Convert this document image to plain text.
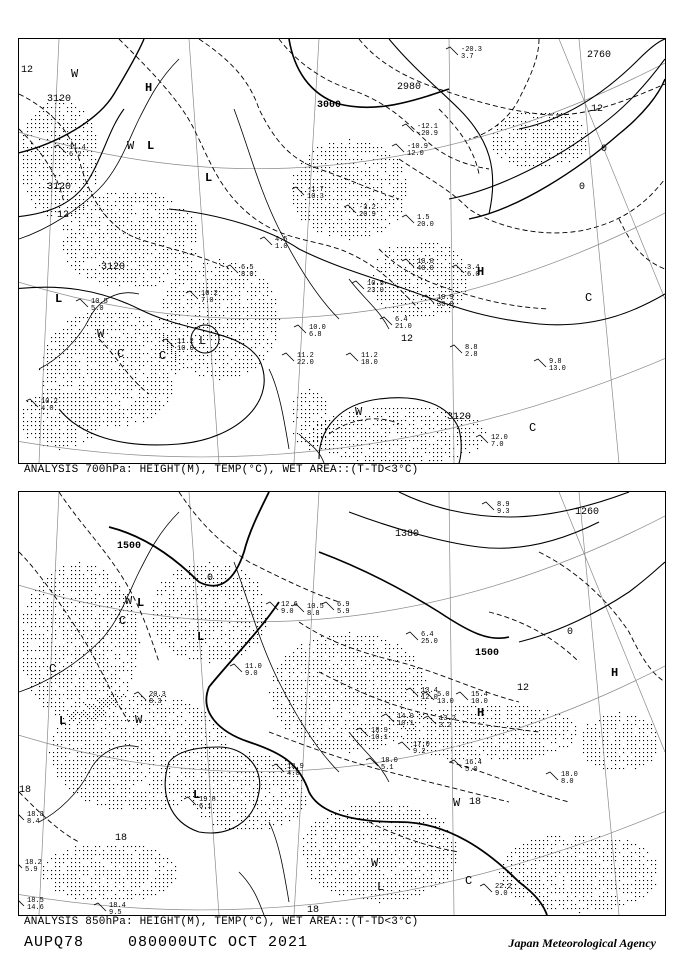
3120
3120
3120
3120
3000
2980
2760
12
12
12
12
0
0
H
H
L
L
L
W
W
W
W
C
C
C
C
L
-12.1
-20.9
-10.9
12.0
-1.7
10.3
-3.2
20.9	1.5
20.0
3.4
6.0
10.0
40.0
10.5
23.0
10.9
30.0
6.4
21.0
11.2
18.0
8.8
2.8
9.8
13.0
12.0
7.0
11.2
22.0
10.0
6.8
10.2
7.0
10.2
4.0
11.2
10.0
10.5
5.0
6.5
8.0
11.4
6.2
4.5
1.0
-20.3
3.7
ANALYSIS 700hPa: HEIGHT(M), TEMP(°C), WET AREA::(T-TD<3°C)
1500
1500
1380
1260
0
0
12
18
18
18
18
H
H
L
L
L
L
W
W
W
W
C
C
C
L
10.5
8.8
6.9
5.9
12.6
9.0
6.4
25.0
15.4
10.0
13.2
3.2
16.4
5.0
18.0
8.0
22.2
9.0
19.8
6.1
18.9
4.0
20.3
8.3
14.0
10.1
17.0
9.2
18.9
10.1
13.4
12.0 5.0
13.0
8.9
9.3
18.0
5.1
11.0
9.0
18.2
5.9
18.8
8.4
18.4
9.5
18.5
14.6
ANALYSIS 850hPa: HEIGHT(M), TEMP(°C), WET AREA::(T-TD<3°C)
AUPQ78	080000UTC OCT 2021	Japan Meteorological Agency
